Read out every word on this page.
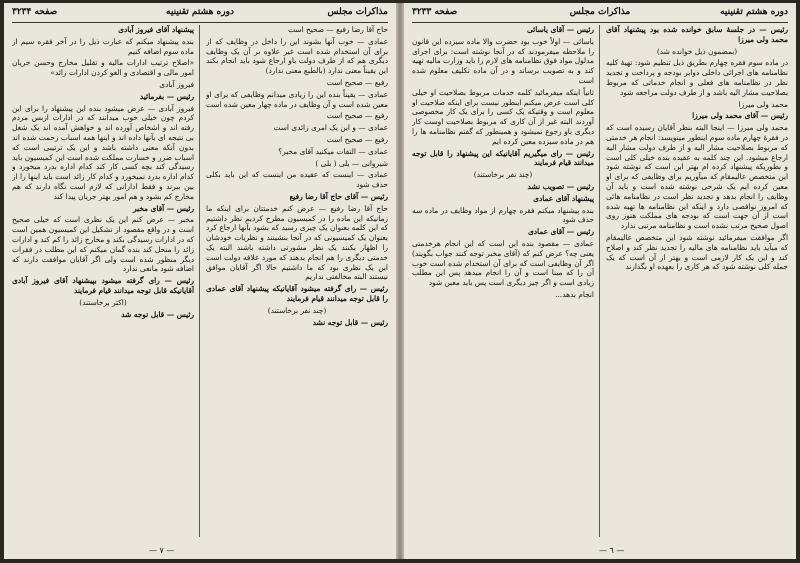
مذاکرات مجلس
دوره هشتم تقنینیه
صفحه ۳۲۳۴

حاج آقا رضا رفیع — صحیح است

عمادی — خوب آنها بشوند این را داخل در وظایف که از برای آن استخدام شده است غیر علاوه بر آن یک وظایف دیگری هم که از طرف دولت باو ارجاع شود باید انجام بکند این یقیناً معنی ندارد (بالطبع معنی ندارد)

رفیع — صحیح است

عمادی — یقیناً بنده این را زیادی میدانم وظایفی که برای او معین شده است و آن وظایف در ماده چهار معین شده است

رفیع — صحیح است

عمادی — و این یک امری زائدی است

رفیع — صحیح است

عمادی — التفات میکنید آقای مخبر؟

شیروانی — بلی ( بلی )

عمادی — اینست که عقیده من اینست که این باید بکلی حذف شود

رئیس — آقای حاج آقا رضا رفیع

حاج آقا رضا رفیع — عرض کنم خدمتتان برای اینکه ما زمانیکه این ماده را در کمیسیون مطرح کردیم نظر داشتیم که این کلمه بعنوان یک چیزی رسید که بشود بآنها ارجاع کرد بعنوان یک کمیسیونی که در آنجا بنشینند و نظریات خودشان را اظهار بکنند یک نظر مشورتی داشته باشند البته یک خدمتی دیگری را هم انجام بدهند که مورد علاقه دولت است این یک نظری بود که ما داشتیم حالا اگر آقایان موافق نیستند البته مخالفتی نداریم

رئیس — رای گرفته میشود آقایانیکه پیشنهاد آقای عمادی را قابل توجه میدانند قیام فرمایند

(چند نفر برخاستند)

رئیس — قابل توجه نشد

پیشنهاد آقای فیروز آبادی

بنده پیشنهاد میکنم که عبارت ذیل را در آخر فقره سیم از ماده سوم اضافه کنیم

«اصلاح ترتیب ادارات مالیه و تقلیل مخارج وحسن جریان امور مالی و اقتصادی و الغو کردن ادارات زائد»

فیروز آبادی

رئیس — بفرمائید

فیروز آبادی — عرض میشود بنده این پیشنهاد را برای این کردم چون خیلی خوب میدانند که در ادارات ازبس مردم رفته اند و اشخاص آورده اند و خواهش آمده اند یک شغل بی نتیجه ای بآنها داده اند و اینها همه اسباب زحمت شده اند بدون آنکه معنی داشته باشد و این یک ترتیبی است که اسباب ضرر و خسارت مملکت شده است این کمیسیون باید رسیدگی کند بچه کسی کار کند کدام اداره بدرد میخورد و کدام اداره بدرد نمیخورد و کدام کار زائد است باید اینها را از بین ببرند و فقط اداراتی که لازم است نگاه دارند که هم مخارج کم بشود و هم امور بهتر جریان پیدا کند

رئیس — آقای مخبر

مخبر — عرض کنم این یک نظری است که خیلی صحیح است و در واقع مقصود از تشکیل این کمیسیون همین است که در ادارات رسیدگی بکند و مخارج زائد را کم کند و ادارات زائد را منحل کند بنده گمان میکنم که این مطلب در فقرات دیگر منظور شده است ولی اگر آقایان موافقت دارند که اضافه شود مانعی ندارد

رئیس — رای گرفته میشود بپیشنهاد آقای فیروز آبادی آقایانیکه قابل توجه میدانند قیام فرمایند

(اکثر برخاستند)

رئیس — قابل توجه شد

— ٧ —
دوره هشتم تقنینیه
مذاکرات مجلس
صفحه ۳۲۳۳

رئیس — در جلسهٔ سابق خوانده شده بود پیشنهاد آقای محمد ولی میرزا

(بمضمون ذیل خوانده شد)

در ماده سوم فقره چهارم بطریق ذیل تنظیم شود: تهیهٔ کلیه نظامنامه های اجرائی داخلی دوایر بودجه و پرداخت و تجدید نظر در نظامنامه های فعلی و انجام خدماتی که مربوط بصلاحیت مشار الیه باشد و از طرف دولت مراجعه شود

محمد ولی میرزا

رئیس — آقای محمد ولی میرزا

محمد ولی میرزا — اینجا البته بنظر آقایان رسیده است که در فقرهٔ چهارم ماده سوم اینطور مینویسد: انجام هر خدمتی که مربوط بصلاحیت مشار الیه و از طرف دولت مشار الیه ارجاع میشود. این چند کلمه به عقیده بنده خیلی کلی است و بطوریکه پیشنهاد کرده ام بهتر این است که نوشته شود این متخصص عالیمقام که میآوریم برای وظایفی که برای او معین کرده ایم یک شرحی نوشته شده است و باید آن وظایف را انجام بدهد و تجدید نظر است در نظامنامه هائی که امروز نواقصی دارد و اینکه این نظامنامه ها تهیه شده است از آن جهت است که بودجه های مملکت هنوز روی اصول صحیح مرتب نشده است و نظامنامه مرتبی ندارد

اگر موافقت میفرمائید نوشته شود این متخصص عالیمقام که میآید باید نظامنامه های مالیه را تجدید نظر کند و اصلاح کند و این یک کار لازمی است و بهتر از آن است که یک جمله کلی نوشته شود که هر کاری را بعهده او بگذارند

رئیس — آقای یاسائی

یاسائی — اولاً خوب بود حضرت والا ماده سیزده این قانون را ملاحظه میفرمودند که در آنجا نوشته است: برای اجرای مدلول مواد فوق نظامنامه های لازم را باید وزارت مالیه تهیه کند و به تصویب برساند و در آن ماده تکلیف معلوم شده است

ثانیاً اینکه میفرمائید کلمه خدمات مربوط بصلاحیت او خیلی کلی است عرض میکنم اینطور نیست برای اینکه صلاحیت او معلوم است و وقتیکه یک کسی را برای یک کار مخصوصی آوردند البته غیر از آن کاری که مربوط بصلاحیت اوست کار دیگری باو رجوع نمیشود و همینطور که گفتم نظامنامه ها را هم در ماده سیزده معین کرده ایم

رئیس — رای میگیریم آقایانیکه این پیشنهاد را قابل توجه میدانند قیام فرمایند

(چند نفر برخاستند)

رئیس — تصویب نشد

پیشنهاد آقای عمادی

بنده پیشنهاد میکنم فقره چهارم از مواد وظایف در ماده سه حذف شود

رئیس — آقای عمادی

عمادی — مقصود بنده این است که این انجام هرخدمتی یعنی چه؟ عرض کنم که (آقای مخبر توجه کنند جواب بگویند) اگر آن وظایفی است که برای آن استخدام شده است خوب آن را که مبنا است و آن را انجام میدهد پس این مطلب زیادی است و اگر چیز دیگری است پس باید معین شود

انجام بدهد...

— ٦ —
